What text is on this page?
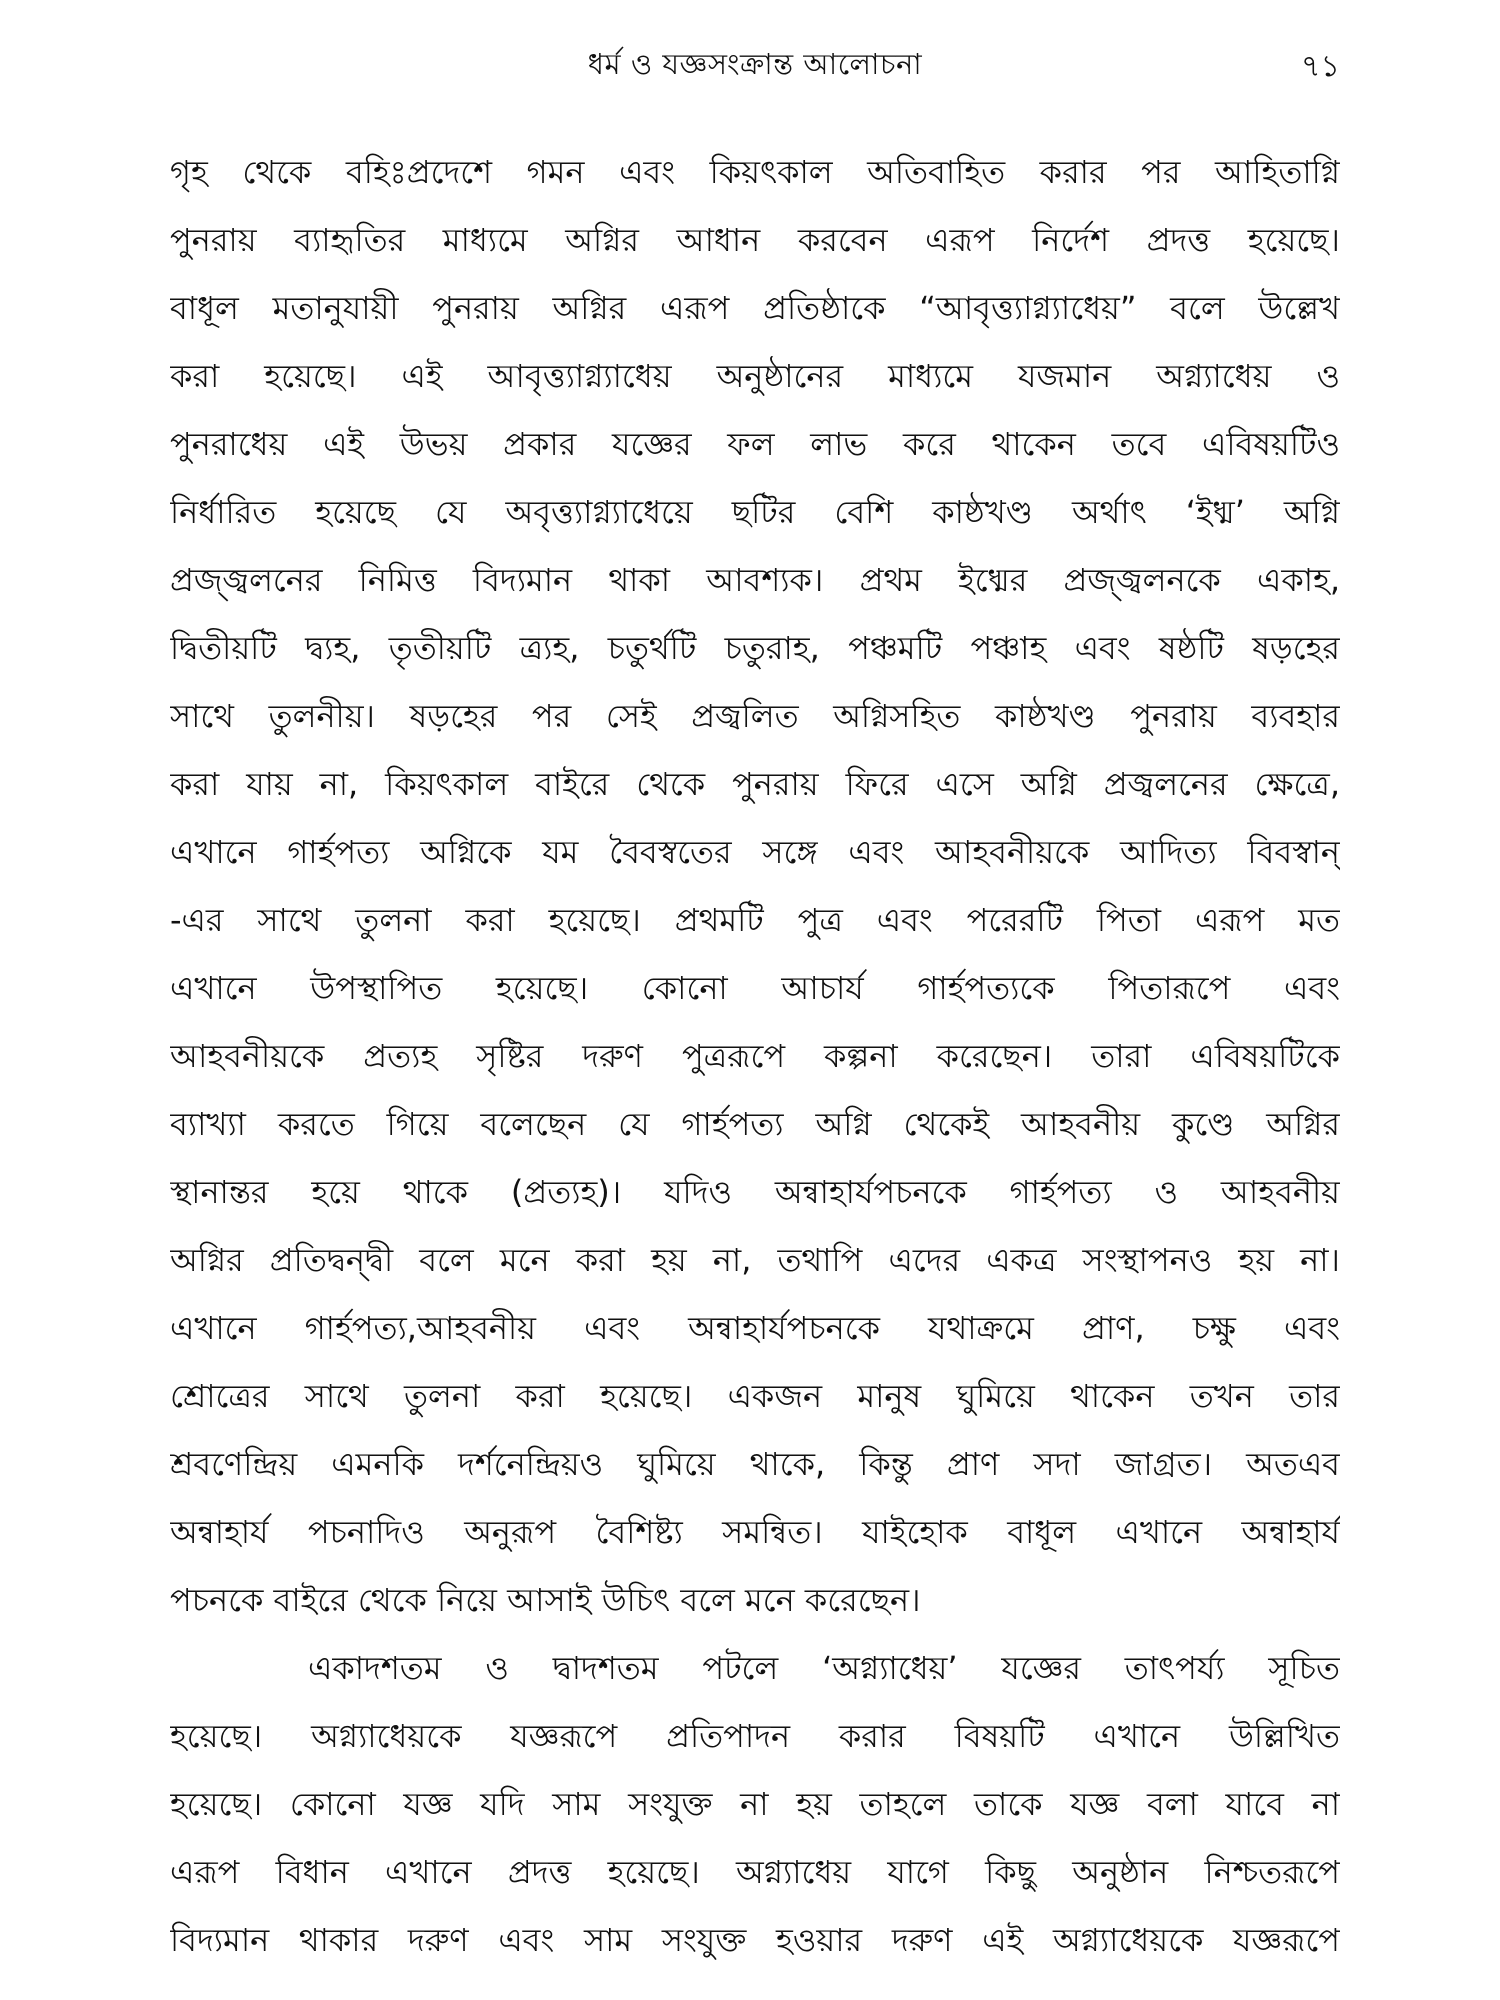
ধর্ম ও যজ্ঞসংক্রান্ত আলোচনা	৭১
গৃহ থেকে বহিঃপ্রদেশে গমন এবং কিয়ৎকাল অতিবাহিত করার পর আহিতাগ্নি
পুনরায় ব্যাহৃতির মাধ্যমে অগ্নির আধান করবেন এরূপ নির্দেশ প্রদত্ত হয়েছে।
বাধূল মতানুযায়ী পুনরায় অগ্নির এরূপ প্রতিষ্ঠাকে “আবৃত্ত্যাগ্ন্যাধেয়” বলে উল্লেখ
করা হয়েছে। এই আবৃত্ত্যাগ্ন্যাধেয় অনুষ্ঠানের মাধ্যমে যজমান অগ্ন্যাধেয় ও
পুনরাধেয় এই উভয় প্রকার যজ্ঞের ফল লাভ করে থাকেন তবে এবিষয়টিও
নির্ধারিত হয়েছে যে অবৃত্ত্যাগ্ন্যাধেয়ে ছটির বেশি কাষ্ঠখণ্ড অর্থাৎ ‘ইধ্ম’ অগ্নি
প্রজ্জ্বলনের নিমিত্ত বিদ্যমান থাকা আবশ্যক। প্রথম ইধ্মের প্রজ্জ্বলনকে একাহ,
দ্বিতীয়টি দ্ব্যহ, তৃতীয়টি ত্র্যহ, চতুর্থটি চতুরাহ, পঞ্চমটি পঞ্চাহ এবং ষষ্ঠটি ষড়হের
সাথে তুলনীয়। ষড়হের পর সেই প্রজ্বলিত অগ্নিসহিত কাষ্ঠখণ্ড পুনরায় ব্যবহার
করা যায় না, কিয়ৎকাল বাইরে থেকে পুনরায় ফিরে এসে অগ্নি প্রজ্বলনের ক্ষেত্রে,
এখানে গার্হপত্য অগ্নিকে যম বৈবস্বতের সঙ্গে এবং আহবনীয়কে আদিত্য বিবস্বান্
-এর সাথে তুলনা করা হয়েছে। প্রথমটি পুত্র এবং পরেরটি পিতা এরূপ মত
এখানে উপস্থাপিত হয়েছে। কোনো আচার্য গার্হপত্যকে পিতারূপে এবং
আহবনীয়কে প্রত্যহ সৃষ্টির দরুণ পুত্ররূপে কল্পনা করেছেন। তারা এবিষয়টিকে
ব্যাখ্যা করতে গিয়ে বলেছেন যে গার্হপত্য অগ্নি থেকেই আহবনীয় কুণ্ডে অগ্নির
স্থানান্তর হয়ে থাকে (প্রত্যহ)। যদিও অন্বাহার্যপচনকে গার্হপত্য ও আহবনীয়
অগ্নির প্রতিদ্বন্দ্বী বলে মনে করা হয় না, তথাপি এদের একত্র সংস্থাপনও হয় না।
এখানে গার্হপত্য,আহবনীয় এবং অন্বাহার্যপচনকে যথাক্রমে প্রাণ, চক্ষু এবং
শ্রোত্রের সাথে তুলনা করা হয়েছে। একজন মানুষ ঘুমিয়ে থাকেন তখন তার
শ্রবণেন্দ্রিয় এমনকি দর্শনেন্দ্রিয়ও ঘুমিয়ে থাকে, কিন্তু প্রাণ সদা জাগ্রত। অতএব
অন্বাহার্য পচনাদিও অনুরূপ বৈশিষ্ট্য সমন্বিত। যাইহোক বাধূল এখানে অন্বাহার্য
পচনকে বাইরে থেকে নিয়ে আসাই উচিৎ বলে মনে করেছেন।
একাদশতম ও দ্বাদশতম পটলে ‘অগ্ন্যাধেয়’ যজ্ঞের তাৎপর্য্য সূচিত
হয়েছে। অগ্ন্যাধেয়কে যজ্ঞরূপে প্রতিপাদন করার বিষয়টি এখানে উল্লিখিত
হয়েছে। কোনো যজ্ঞ যদি সাম সংযুক্ত না হয় তাহলে তাকে যজ্ঞ বলা যাবে না
এরূপ বিধান এখানে প্রদত্ত হয়েছে। অগ্ন্যাধেয় যাগে কিছু অনুষ্ঠান নিশ্চতরূপে
বিদ্যমান থাকার দরুণ এবং সাম সংযুক্ত হওয়ার দরুণ এই অগ্ন্যাধেয়কে যজ্ঞরূপে
